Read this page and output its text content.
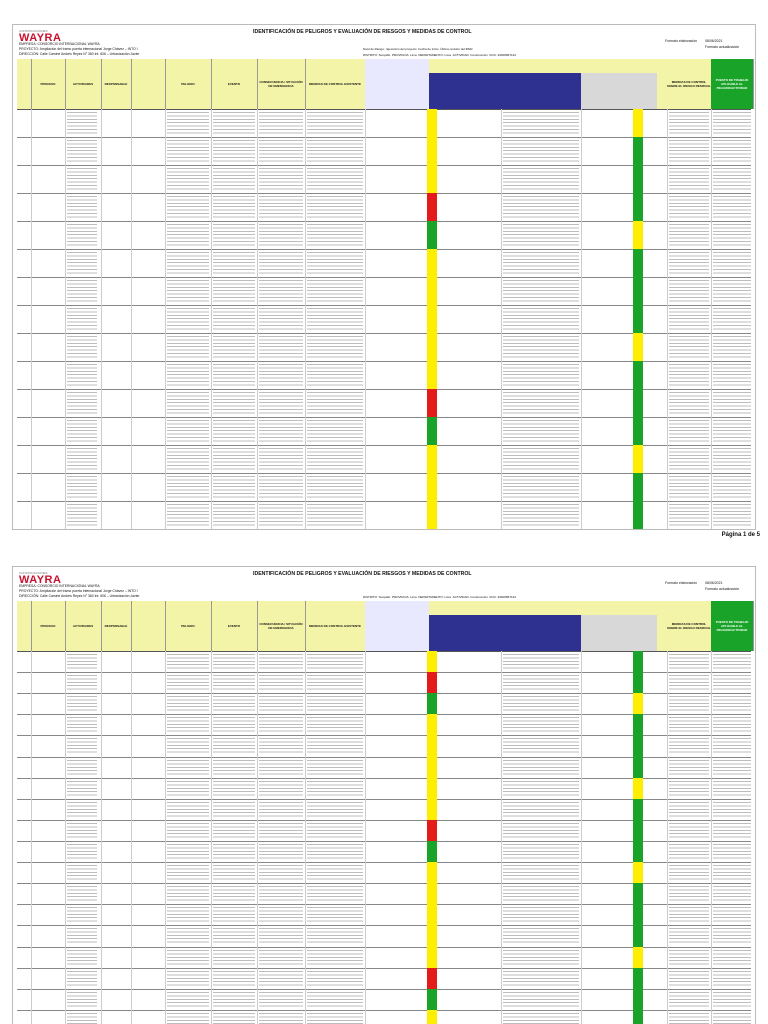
CONSTRUCCIONES
WAYRA	IDENTIFICACIÓN DE PELIGROS Y EVALUACIÓN DE RIESGOS Y MEDIDAS DE CONTROL
Formato elaboración 08/06/2021
Formato actualización
EMPRESA: CONSORCIO INTERNACIONAL WAYRA
PROYECTO: Ampliación del tramo puerta internacional Jorge Chávez – INTO I
DIRECCIÓN: Calle Caminé Andrés Reyes N° 360 Int. 606 – Urbanización Javier
Nivel de Riesgo: Ejecución del proyecto Fecha de inicio Última revisión del IPER
DISTRITO: Surquillo PROVINCIA: Lima DEPARTAMENTO: Lima ACTIVIDAD: Construcción RUC: 20600867142
PROCESO	ACTIVIDADES	RESPONSABLE	PELIGRO	EVENTO	CONSECUENCIA / SITUACIÓN DE EMERGENCIA	MEDIDAS DE CONTROL EXISTENTE	MEDIDAS DE CONTROL SOBRE EL RIESGO RESIDUAL
PUESTO DE TRABAJO APLICABLE AL PELIGRO/ACTIVIDAD
Página 1 de 5
CONSTRUCCIONES
WAYRA	IDENTIFICACIÓN DE PELIGROS Y EVALUACIÓN DE RIESGOS Y MEDIDAS DE CONTROL
Formato elaboración 08/06/2021
Formato actualización
EMPRESA: CONSORCIO INTERNACIONAL WAYRA
PROYECTO: Ampliación del tramo puerta internacional Jorge Chávez – INTO I
DIRECCIÓN: Calle Caminé Andrés Reyes N° 360 Int. 606 – Urbanización Javier	DISTRITO: Surquillo PROVINCIA: Lima DEPARTAMENTO: Lima ACTIVIDAD: Construcción RUC: 20600867142
PROCESO	ACTIVIDADES	RESPONSABLE	PELIGRO	EVENTO	CONSECUENCIA / SITUACIÓN DE EMERGENCIA	MEDIDAS DE CONTROL EXISTENTE	MEDIDAS DE CONTROL SOBRE EL RIESGO RESIDUAL
PUESTO DE TRABAJO APLICABLE AL PELIGRO/ACTIVIDAD
